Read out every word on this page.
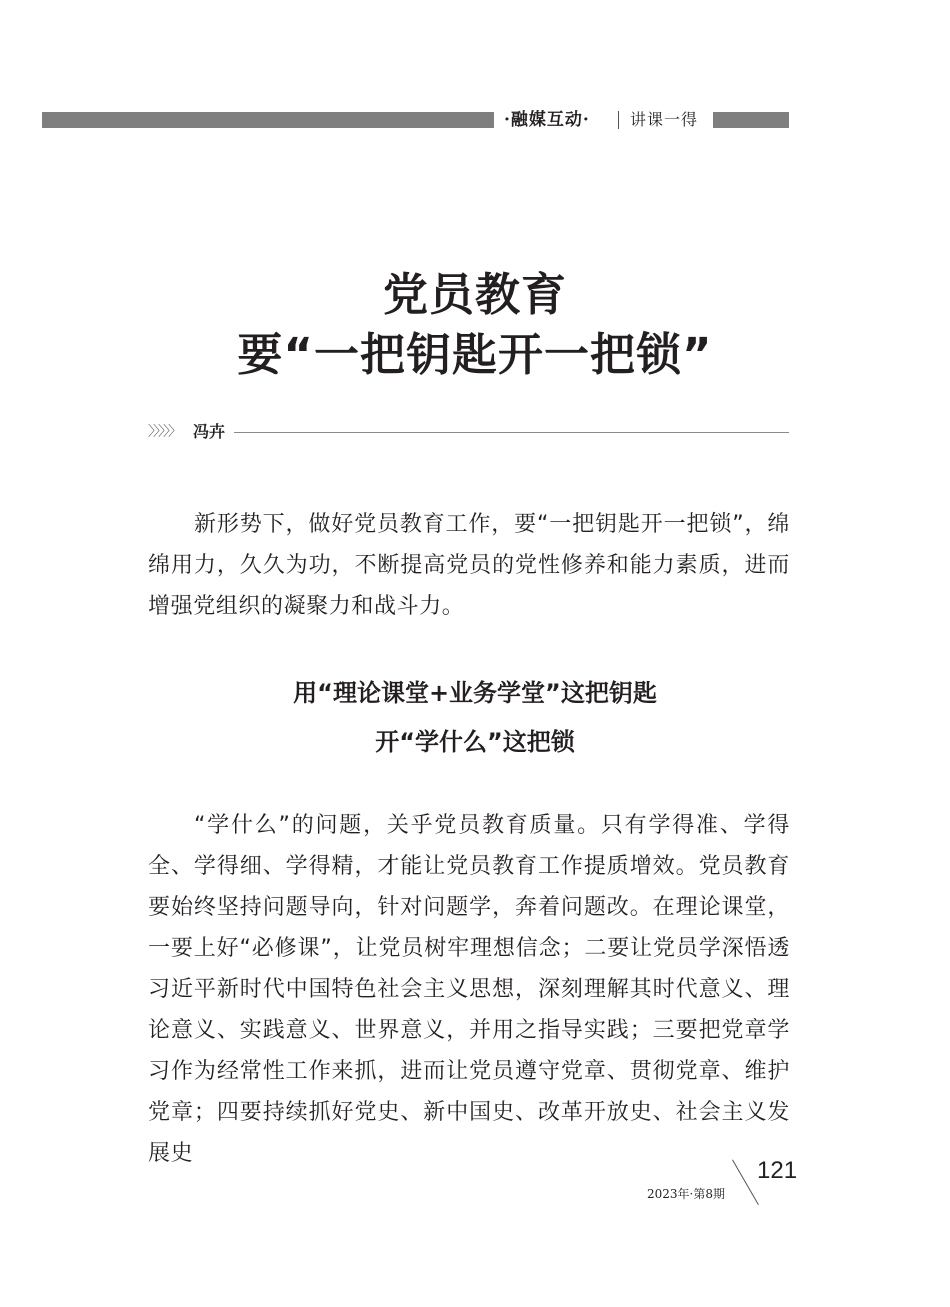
·融媒互动·	讲课一得
党员教育
要“一把钥匙开一把锁”
〉〉〉〉〉 冯卉

新形势下，做好党员教育工作，要“一把钥匙开一把锁”，绵绵用力，久久为功，不断提高党员的党性修养和能力素质，进而增强党组织的凝聚力和战斗力。

用“理论课堂+业务学堂”这把钥匙
开“学什么”这把锁

“学什么”的问题，关乎党员教育质量。只有学得准、学得全、学得细、学得精，才能让党员教育工作提质增效。党员教育要始终坚持问题导向，针对问题学，奔着问题改。在理论课堂，一要上好“必修课”，让党员树牢理想信念；二要让党员学深悟透习近平新时代中国特色社会主义思想，深刻理解其时代意义、理论意义、实践意义、世界意义，并用之指导实践；三要把党章学习作为经常性工作来抓，进而让党员遵守党章、贯彻党章、维护党章；四要持续抓好党史、新中国史、改革开放史、社会主义发展史

121
2023年·第8期
